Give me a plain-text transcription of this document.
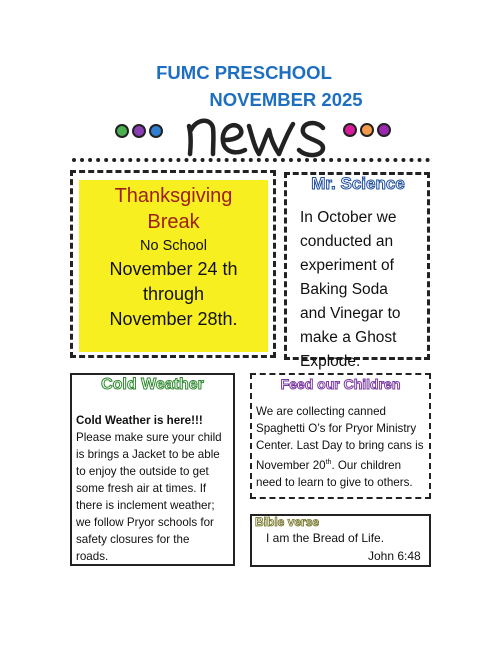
FUMC PRESCHOOL
NOVEMBER 2025
Thanksgiving
Break
No School
November 24 th
through
November 28th.
Mr. Science
In October we
conducted an
experiment of
Baking Soda
and Vinegar to
make a Ghost
Explode.
Cold Weather
Cold Weather is here!!!
Please make sure your child
is brings a Jacket to be able
to enjoy the outside to get
some fresh air at times. If
there is inclement weather;
we follow Pryor schools for
safety closures for the
roads.
Feed our Children
We are collecting canned
Spaghetti O’s for Pryor Ministry
Center. Last Day to bring cans is
November 20th. Our children
need to learn to give to others.
Bible verse
I am the Bread of Life.
John 6:48
